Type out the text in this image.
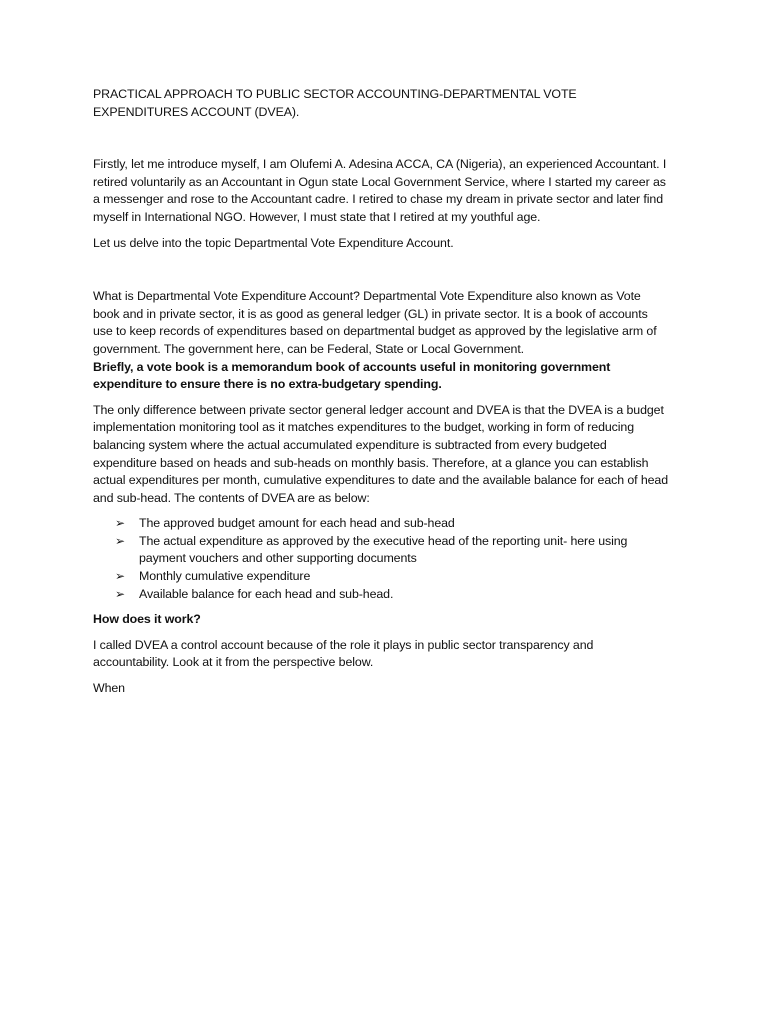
PRACTICAL APPROACH TO PUBLIC SECTOR ACCOUNTING-DEPARTMENTAL VOTE EXPENDITURES ACCOUNT (DVEA).

Firstly, let me introduce myself, I am Olufemi A. Adesina ACCA, CA (Nigeria), an experienced Accountant. I retired voluntarily as an Accountant in Ogun state Local Government Service, where I started my career as a messenger and rose to the Accountant cadre. I retired to chase my dream in private sector and later find myself in International NGO. However, I must state that I retired at my youthful age.

Let us delve into the topic Departmental Vote Expenditure Account.

What is Departmental Vote Expenditure Account? Departmental Vote Expenditure also known as Vote book and in private sector, it is as good as general ledger (GL) in private sector. It is a book of accounts use to keep records of expenditures based on departmental budget as approved by the legislative arm of government. The government here, can be Federal, State or Local Government.

Briefly, a vote book is a memorandum book of accounts useful in monitoring government expenditure to ensure there is no extra-budgetary spending.

The only difference between private sector general ledger account and DVEA is that the DVEA is a budget implementation monitoring tool as it matches expenditures to the budget, working in form of reducing balancing system where the actual accumulated expenditure is subtracted from every budgeted expenditure based on heads and sub-heads on monthly basis. Therefore, at a glance you can establish actual expenditures per month, cumulative expenditures to date and the available balance for each of head and sub-head. The contents of DVEA are as below:

➢ The approved budget amount for each head and sub-head
➢ The actual expenditure as approved by the executive head of the reporting unit- here using payment vouchers and other supporting documents
➢ Monthly cumulative expenditure
➢ Available balance for each head and sub-head.

How does it work?

I called DVEA a control account because of the role it plays in public sector transparency and accountability. Look at it from the perspective below.

When
